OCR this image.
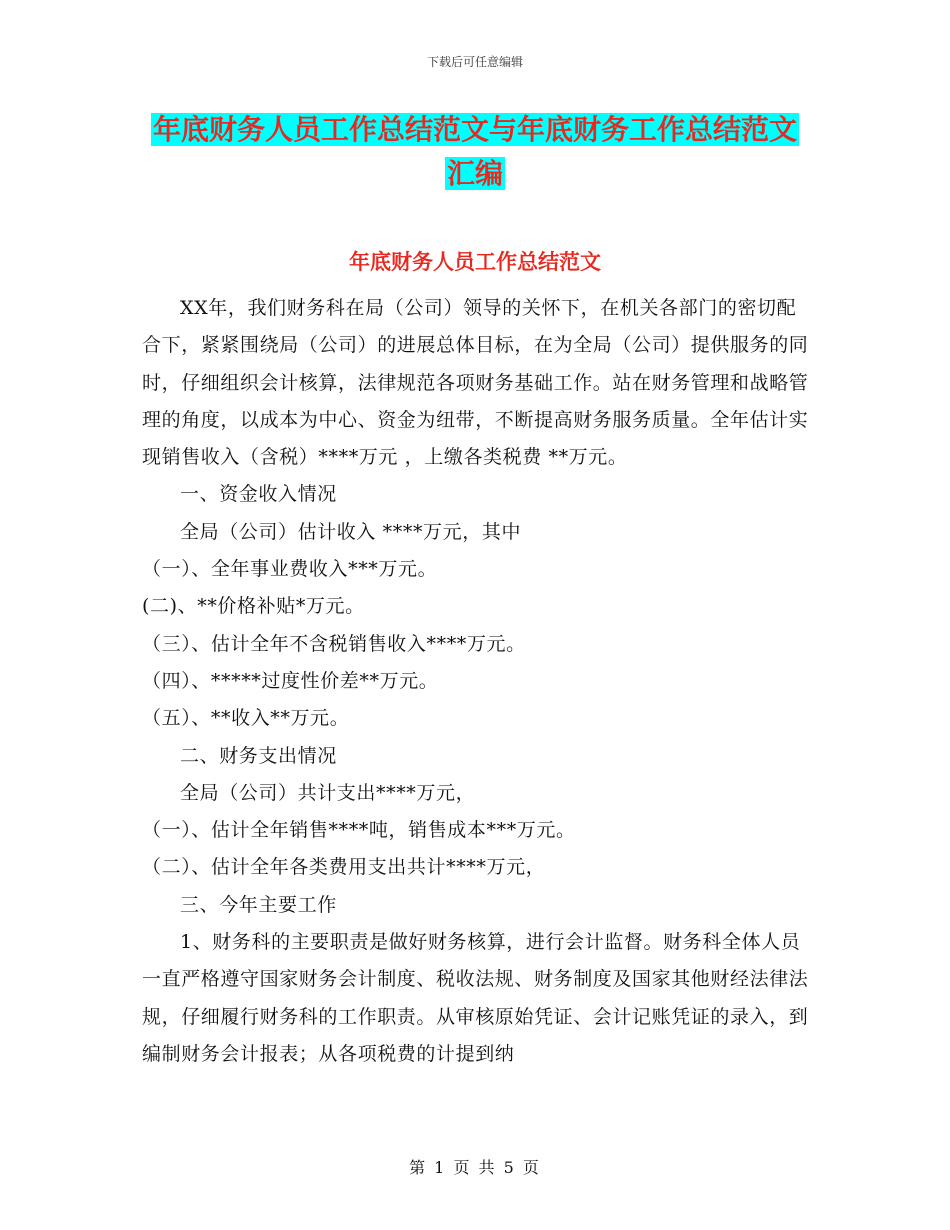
下载后可任意编辑
年底财务人员工作总结范文与年底财务工作总结范文
汇编
年底财务人员工作总结范文

XX年，我们财务科在局（公司）领导的关怀下，在机关各部门的密切配合下，紧紧围绕局（公司）的进展总体目标，在为全局（公司）提供服务的同时，仔细组织会计核算，法律规范各项财务基础工作。站在财务管理和战略管理的角度，以成本为中心、资金为纽带，不断提高财务服务质量。全年估计实现销售收入（含税）****万元 ，上缴各类税费 **万元。

一、资金收入情况

全局（公司）估计收入 ****万元，其中

（一）、全年事业费收入***万元。

(二)、**价格补贴*万元。

（三）、估计全年不含税销售收入****万元。

（四）、*****过度性价差**万元。

（五）、**收入**万元。

二、财务支出情况

全局（公司）共计支出****万元，

（一）、估计全年销售****吨，销售成本***万元。

（二）、估计全年各类费用支出共计****万元，

三、今年主要工作

1、财务科的主要职责是做好财务核算，进行会计监督。财务科全体人员一直严格遵守国家财务会计制度、税收法规、财务制度及国家其他财经法律法规，仔细履行财务科的工作职责。从审核原始凭证、会计记账凭证的录入，到编制财务会计报表；从各项税费的计提到纳

第 1 页 共 5 页
